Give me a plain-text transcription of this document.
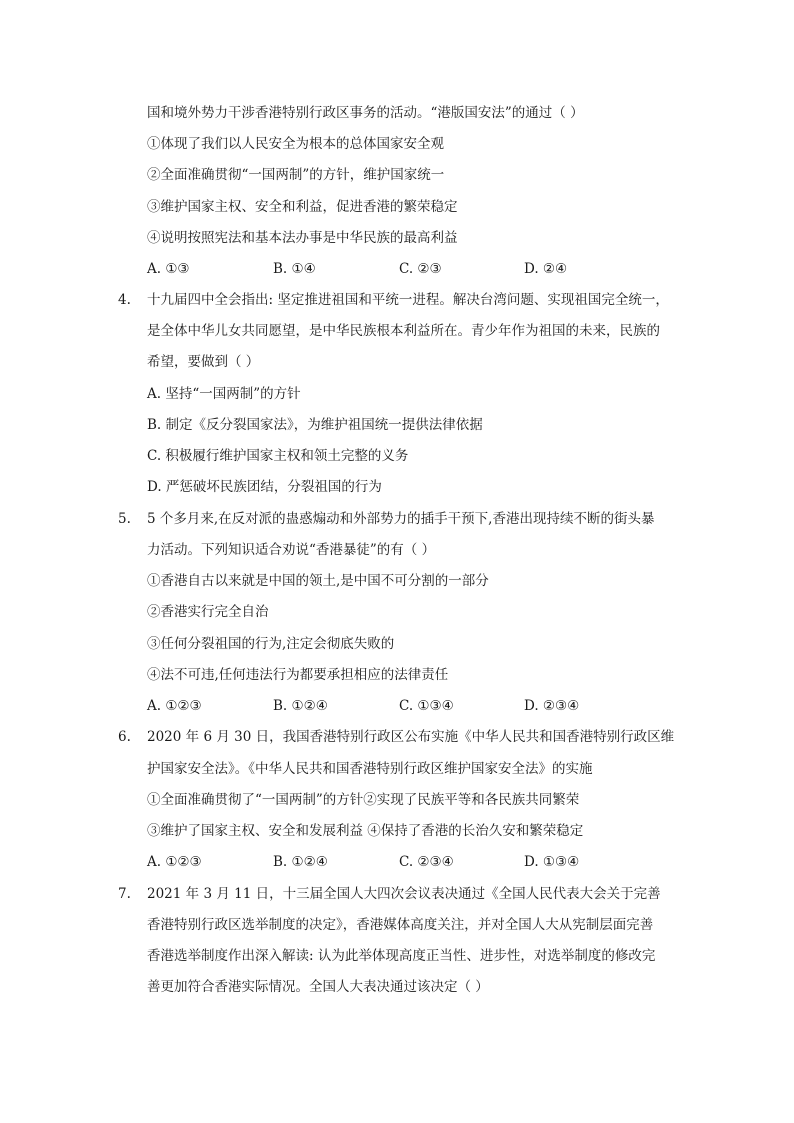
国和境外势力干涉香港特别行政区事务的活动。“港版国安法”的通过（ ）
①体现了我们以人民安全为根本的总体国家安全观
②全面准确贯彻“一国两制”的方针，维护国家统一
③维护国家主权、安全和利益，促进香港的繁荣稳定
④说明按照宪法和基本法办事是中华民族的最高利益
A. ①③	B. ①④	C. ②③	D. ②④
4. 十九届四中全会指出: 坚定推进祖国和平统一进程。解决台湾问题、实现祖国完全统一，
是全体中华儿女共同愿望，是中华民族根本利益所在。青少年作为祖国的未来，民族的
希望，要做到（ ）
A. 坚持“一国两制”的方针
B. 制定《反分裂国家法》，为维护祖国统一提供法律依据
C. 积极履行维护国家主权和领土完整的义务
D. 严惩破坏民族团结，分裂祖国的行为
5. 5 个多月来,在反对派的蛊惑煽动和外部势力的插手干预下,香港出现持续不断的街头暴
力活动。下列知识适合劝说“香港暴徒”的有（ ）
①香港自古以来就是中国的领土,是中国不可分割的一部分
②香港实行完全自治
③任何分裂祖国的行为,注定会彻底失败的
④法不可违,任何违法行为都要承担相应的法律责任
A. ①②③	B. ①②④	C. ①③④	D. ②③④
6. 2020 年 6 月 30 日，我国香港特别行政区公布实施《中华人民共和国香港特别行政区维
护国家安全法》。《中华人民共和国香港特别行政区维护国家安全法》的实施
①全面准确贯彻了“一国两制”的方针②实现了民族平等和各民族共同繁荣
③维护了国家主权、安全和发展利益 ④保持了香港的长治久安和繁荣稳定
A. ①②③	B. ①②④	C. ②③④	D. ①③④
7. 2021 年 3 月 11 日，十三届全国人大四次会议表决通过《全国人民代表大会关于完善
香港特别行政区选举制度的决定》，香港媒体高度关注，并对全国人大从宪制层面完善
香港选举制度作出深入解读: 认为此举体现高度正当性、进步性，对选举制度的修改完
善更加符合香港实际情况。全国人大表决通过该决定（ ）
